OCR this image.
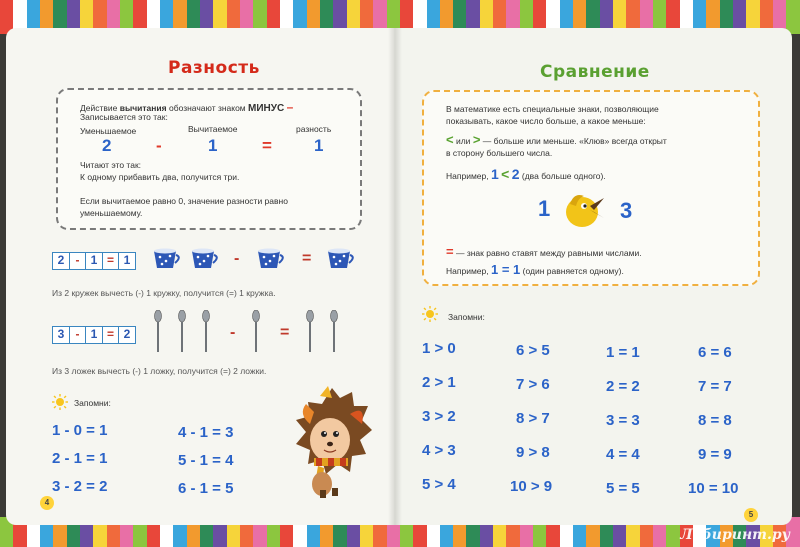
Разность
Действие вычитания обозначают знаком МИНУС –
Записывается это так:
Уменьшаемое	Вычитаемое	разность
2	-	1	= 1
Читают это так:
К одному прибавить два, получится три.
Если вычитаемое равно 0, значение разности равно
уменьшаемому.
2 - 1 = 1	-	=
Из 2 кружек вычесть (-) 1 кружку, получится (=) 1 кружка.
3 - 1 = 2	-	=
Из 3 ложек вычесть (-) 1 ложку, получится (=) 2 ложки.
Запомни:
1 - 0 = 1
2 - 1 = 1
3 - 2 = 2
4 - 1 = 3
5 - 1 = 4
6 - 1 = 5
4
Сравнение
В математике есть специальные знаки, позволяющие
показывать, какое число больше, а какое меньше:
< или > — больше или меньше. «Клюв» всегда открыт
в сторону большего числа.
Например, 1 < 2 (два больше одного).
1	3
= — знак равно ставят между равными числами.
Например, 1 = 1 (один равняется одному).
Запомни:
1 > 0
2 > 1
3 > 2
4 > 3
5 > 4
6 > 5
7 > 6
8 > 7
9 > 8
10 > 9
1 = 1
2 = 2
3 = 3
4 = 4
5 = 5
6 = 6
7 = 7
8 = 8
9 = 9
10 = 10
5
Лабиринт.ру
